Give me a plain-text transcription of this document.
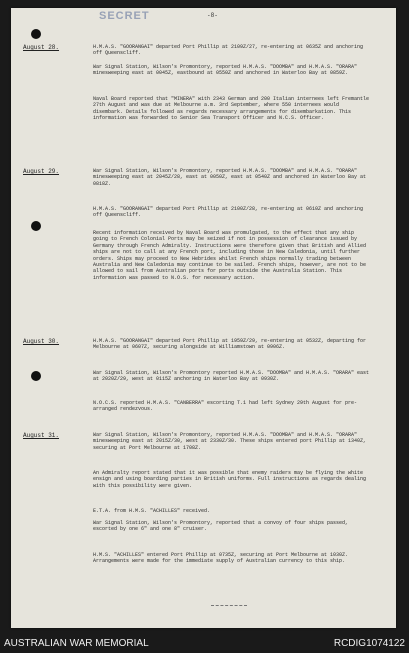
SECRET	-8-
August 28.	H.M.A.S. "GOORANGAI" departed Port Phillip at 2109Z/27, re-entering at 0635Z and anchoring off Queenscliff.

War Signal Station, Wilson's Promontory, reported H.M.A.S. "DOOMBA" and H.M.A.S. "ORARA" minesweeping east at 0045Z, eastbound at 0550Z and anchored in Waterloo Bay at 0859Z.

Naval Board reported that "MINERA" with 2343 German and 200 Italian internees left Fremantle 27th August and was due at Melbourne a.m. 3rd September, where 550 internees would disembark. Details followed as regards necessary arrangements for disembarkation. This information was forwarded to Senior Sea Transport Officer and N.C.S. Officer.

August 29.	War Signal Station, Wilson's Promontory, reported H.M.A.S. "DOOMBA" and H.M.A.S. "ORARA" minesweeping east at 2045Z/28, east at 0050Z, east at 0540Z and anchored in Waterloo Bay at 0818Z.

H.M.A.S. "GOORANGAI" departed Port Phillip at 2100Z/28, re-entering at 0610Z and anchoring off Queenscliff.

Recent information received by Naval Board was promulgated, to the effect that any ship going to French Colonial Ports may be seized if not in possession of clearance issued by Germany through French Admiralty. Instructions were therefore given that British and Allied ships are not to call at any French port, including those in New Caledonia, until further orders. Ships may proceed to New Hebrides whilst French ships normally trading between Australia and New Caledonia may continue to be sailed. French ships, however, are not to be allowed to sail from Australian ports for ports outside the Australia Station. This information was passed to N.O.S. for necessary action.

August 30.	H.M.A.S. "GOORANGAI" departed Port Phillip at 1959Z/29, re-entering at 0532Z, departing for Melbourne at 0607Z, securing alongside at Williamstown at 0906Z.

War Signal Station, Wilson's Promontory reported H.M.A.S. "DOOMBA" and H.M.A.S. "ORARA" east at 2020Z/29, west at 0115Z anchoring in Waterloo Bay at 0930Z.

N.O.C.S. reported H.M.A.S. "CANBERRA" escorting T.1 had left Sydney 29th August for pre-arranged rendezvous.

August 31.	War Signal Station, Wilson's Promontory, reported H.M.A.S. "DOOMBA" and H.M.A.S. "ORARA" minesweeping east at 2015Z/30, west at 2330Z/30. These ships entered port Phillip at 1340Z, securing at Port Melbourne at 1708Z.

An Admiralty report stated that it was possible that enemy raiders may be flying the white ensign and using boarding parties in British uniforms. Full instructions as regards dealing with this possibility were given.

E.T.A. from H.M.S. "ACHILLES" received.

War Signal Station, Wilson's Promontory, reported that a convoy of four ships passed, escorted by one 6" and one 8" cruiser.

H.M.S. "ACHILLES" entered Port Phillip at 0735Z, securing at Port Melbourne at 1030Z. Arrangements were made for the immediate supply of Australian currency to this ship.

AUSTRALIAN WAR MEMORIAL	RCDIG1074122
